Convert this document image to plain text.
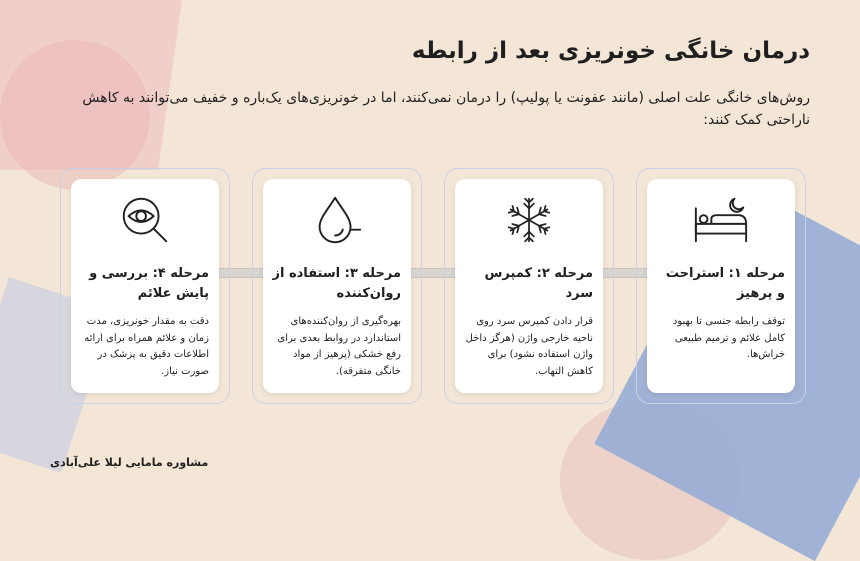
درمان خانگی خونریزی بعد از رابطه

روش‌های خانگی علت اصلی (مانند عفونت یا پولیپ) را درمان نمی‌کنند، اما در خونریزی‌های یک‌باره و خفیف می‌توانند به کاهش ناراحتی کمک کنند:

مرحله ۱: استراحت و پرهیز

توقف رابطه جنسی تا بهبود کامل علائم و ترمیم طبیعی خراش‌ها.

مرحله ۲: کمپرس سرد

قرار دادن کمپرس سرد روی ناحیه خارجی واژن (هرگز داخل واژن استفاده نشود) برای کاهش التهاب.

مرحله ۳: استفاده از روان‌کننده

بهره‌گیری از روان‌کننده‌های استاندارد در روابط بعدی برای رفع خشکی (پرهیز از مواد خانگی متفرقه).

مرحله ۴: بررسی و پایش علائم

دقت به مقدار خونریزی، مدت زمان و علائم همراه برای ارائه اطلاعات دقیق به پزشک در صورت نیاز.

مشاوره مامایی لیلا علی‌آبادی
